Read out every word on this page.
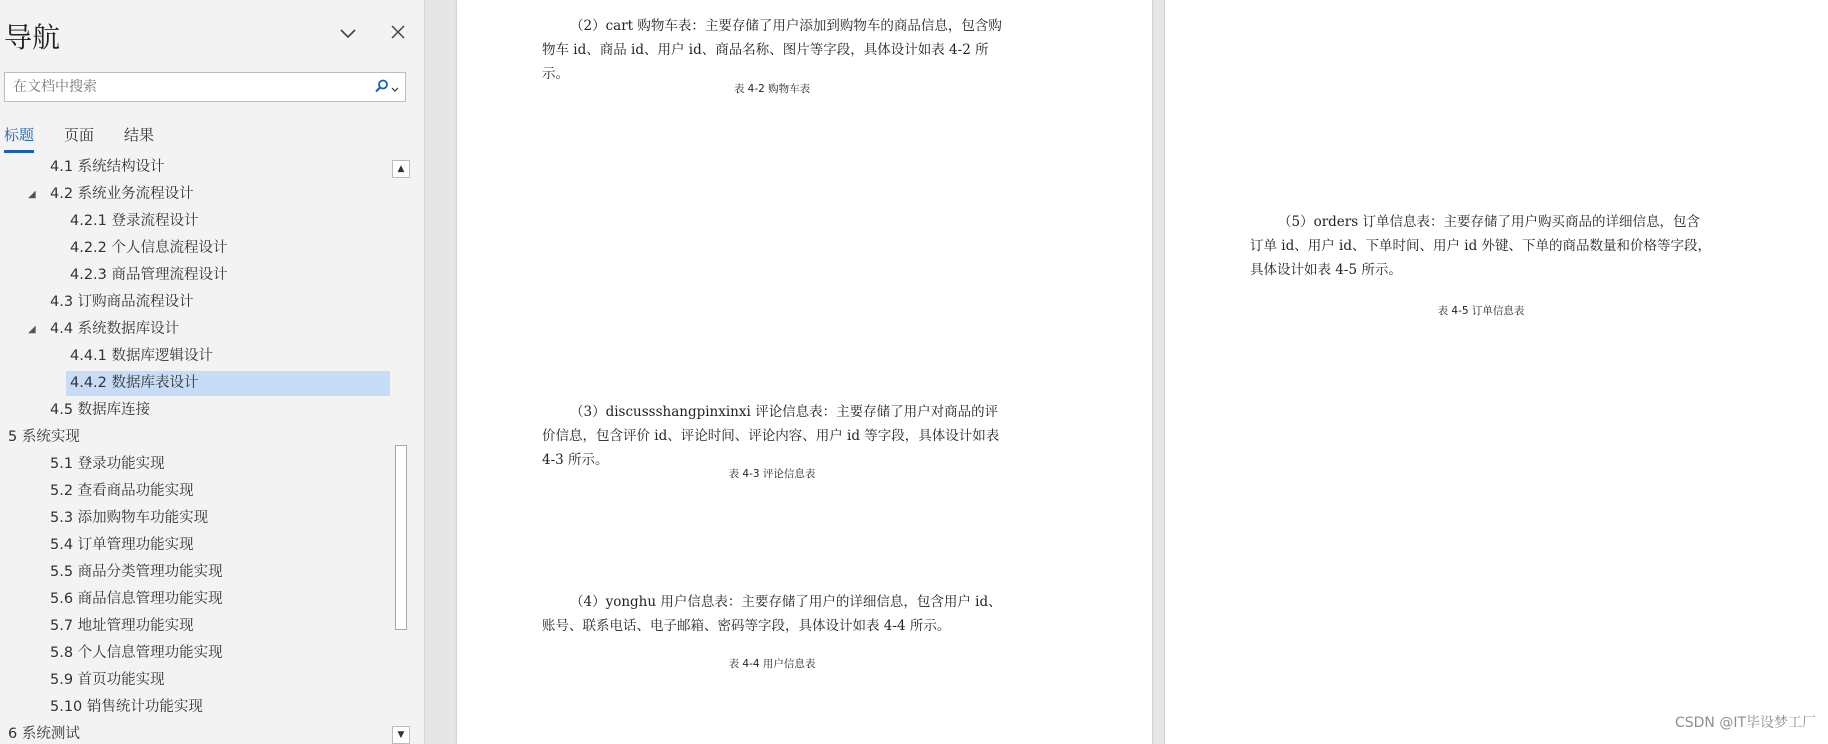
导航
在文档中搜索
标题 页面 结果
4.1 系统结构设计
◢ 4.2 系统业务流程设计
4.2.1 登录流程设计
4.2.2 个人信息流程设计
4.2.3 商品管理流程设计
4.3 订购商品流程设计
◢ 4.4 系统数据库设计
4.4.1 数据库逻辑设计
4.4.2 数据库表设计
4.5 数据库连接
5 系统实现
5.1 登录功能实现
5.2 查看商品功能实现
5.3 添加购物车功能实现
5.4 订单管理功能实现
5.5 商品分类管理功能实现
5.6 商品信息管理功能实现
5.7 地址管理功能实现
5.8 个人信息管理功能实现
5.9 首页功能实现
5.10 销售统计功能实现
6 系统测试
▲
▼
（2）cart 购物车表：主要存储了用户添加到购物车的商品信息，包含购物车 id、商品 id、用户 id、商品名称、图片等字段，具体设计如表 4-2 所示。
表 4-2 购物车表
（3）discussshangpinxinxi 评论信息表：主要存储了用户对商品的评价信息，包含评价 id、评论时间、评论内容、用户 id 等字段，具体设计如表 4-3 所示。
表 4-3 评论信息表
（4）yonghu 用户信息表：主要存储了用户的详细信息，包含用户 id、账号、联系电话、电子邮箱、密码等字段，具体设计如表 4-4 所示。
表 4-4 用户信息表
（5）orders 订单信息表：主要存储了用户购买商品的详细信息，包含订单 id、用户 id、下单时间、用户 id 外键、下单的商品数量和价格等字段，具体设计如表 4-5 所示。
表 4-5 订单信息表
CSDN @IT毕设梦工厂
